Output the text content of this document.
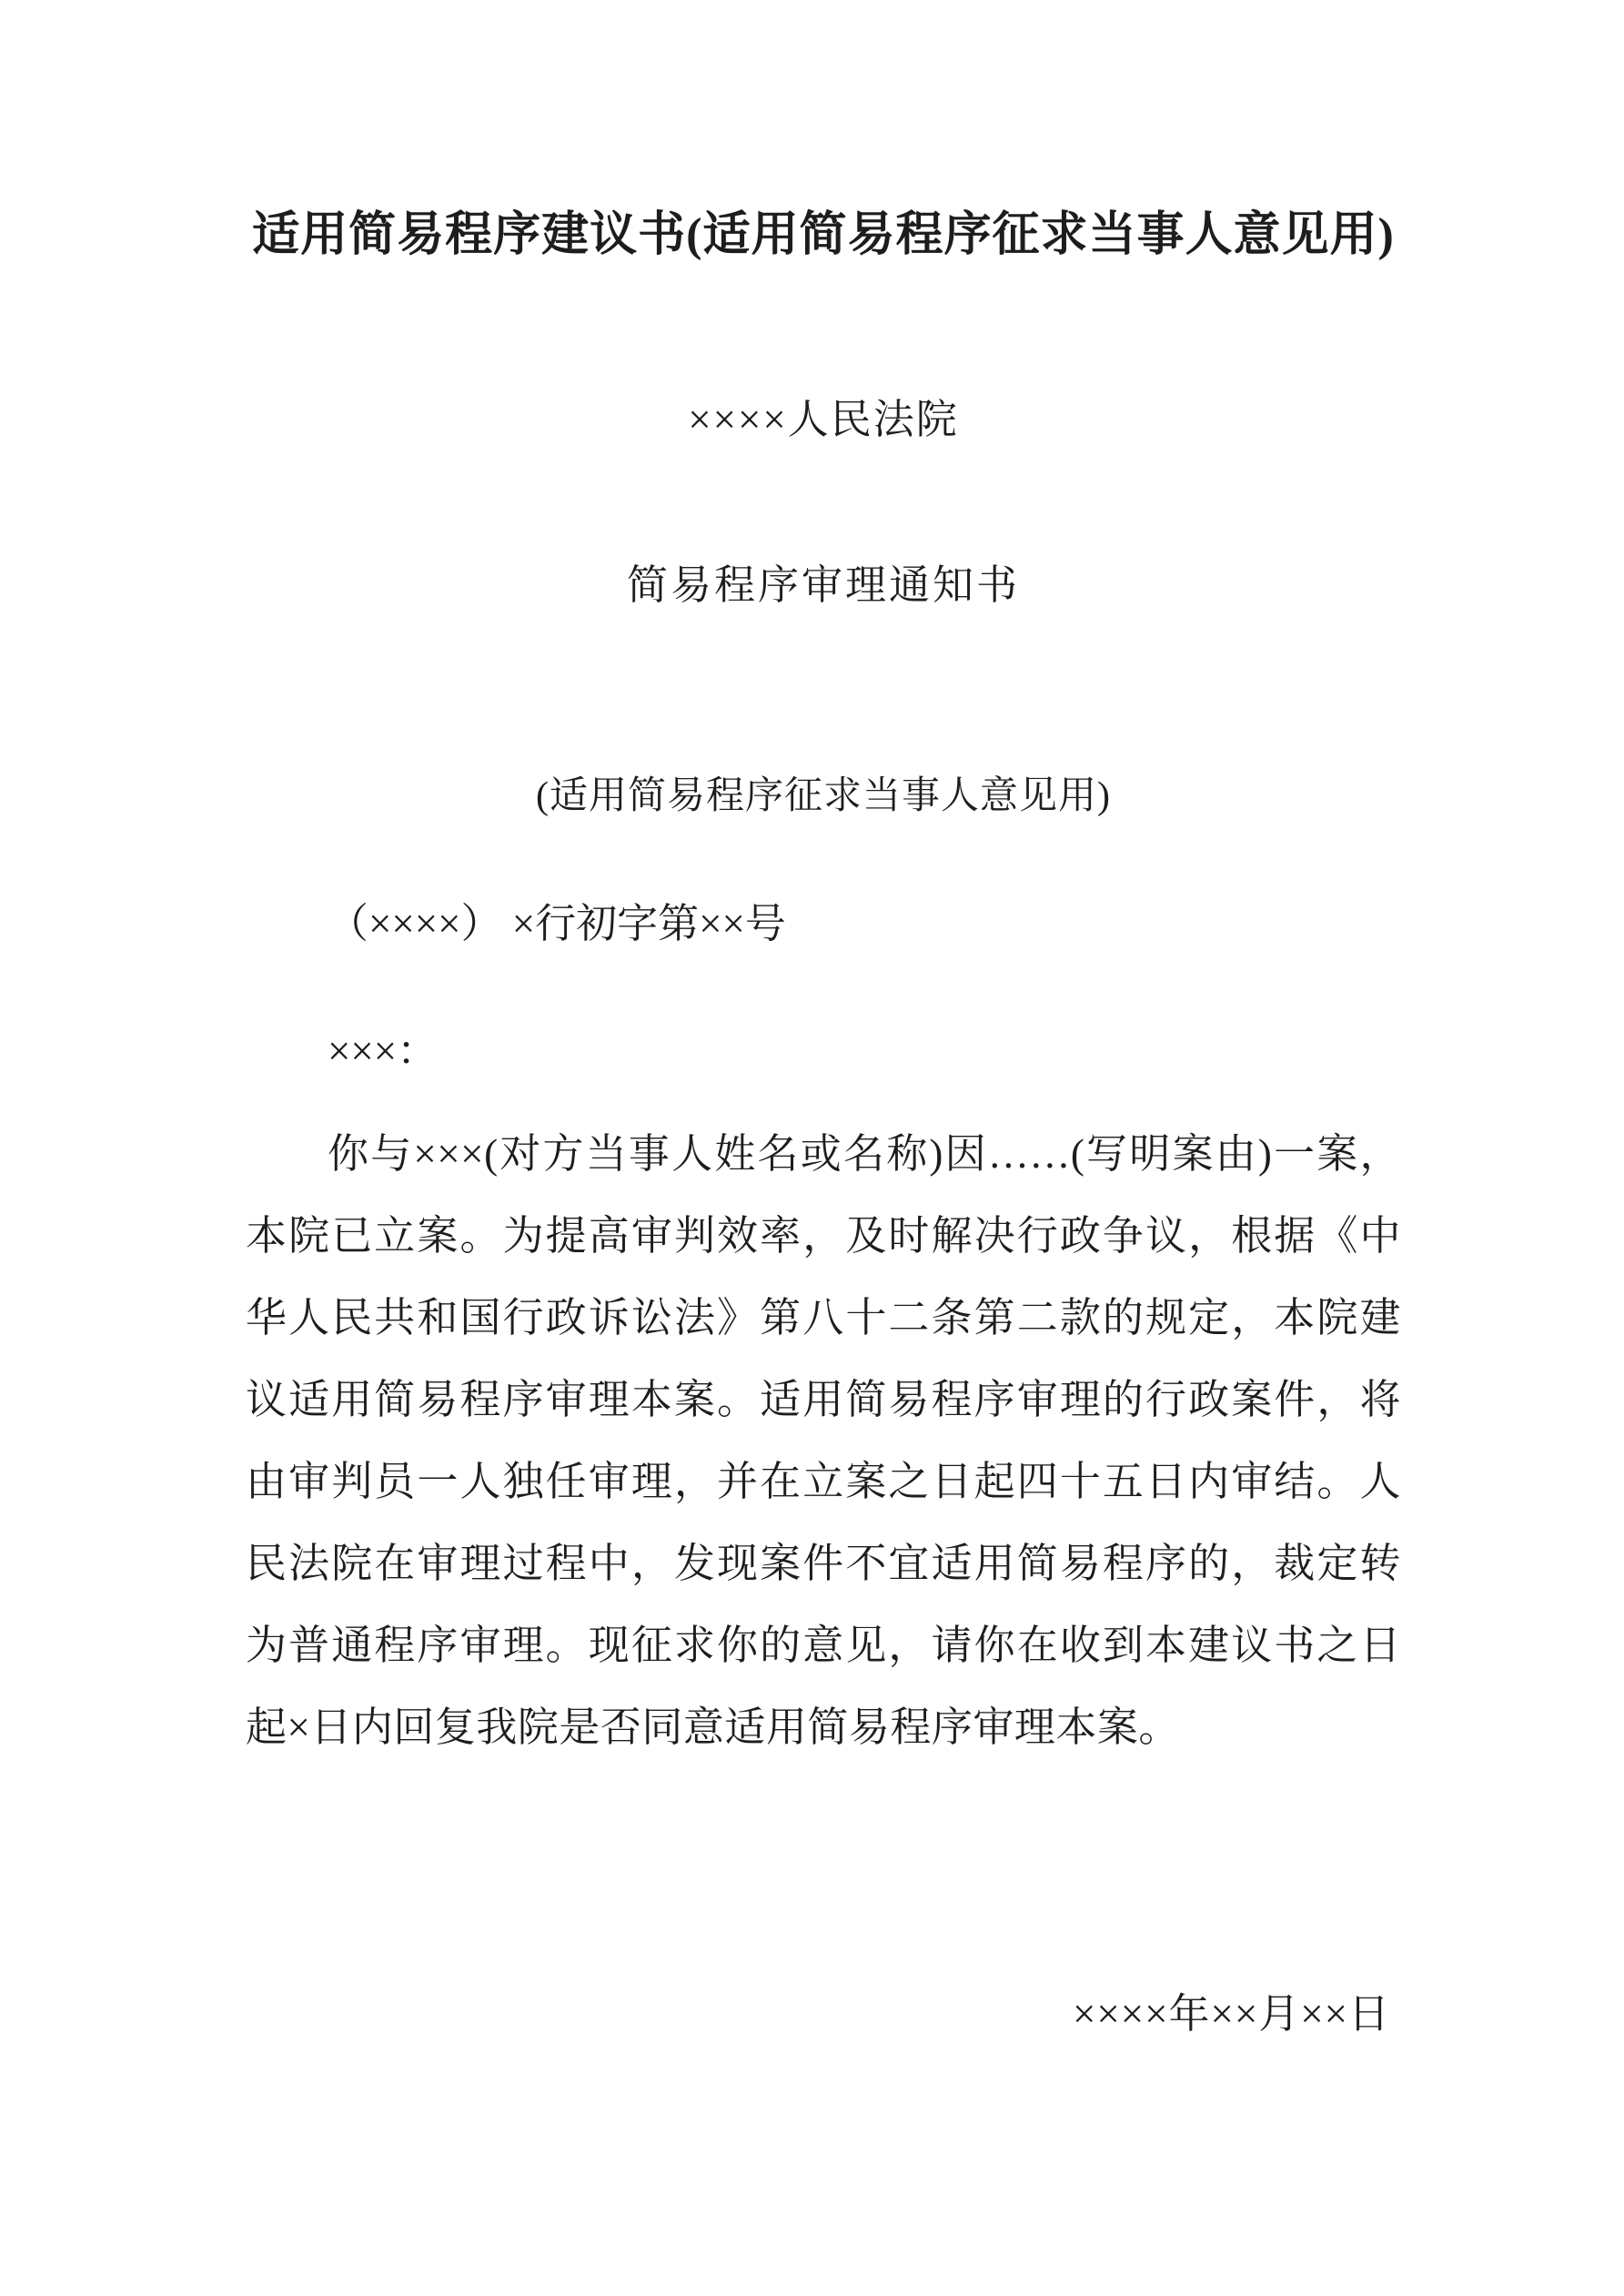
适用简易程序建议书(适用简易程序征求当事人意见用)
××××人民法院
简易程序审理通知书
(适用简易程序征求当事人意见用)
（××××） ×行初字第××号
×××：

你与×××(对方当事人姓名或名称)因……(写明案由)一案，本院已立案。为提高审判效率，及时解决行政争议，根据《中华人民共和国行政诉讼法》第八十二条第二款的规定，本院建议适用简易程序审理本案。适用简易程序审理的行政案件，将由审判员一人独任审理，并在立案之日起四十五日内审结。人民法院在审理过程中，发现案件不宜适用简易程序的，裁定转为普通程序审理。现征求你的意见，请你在收到本建议书之日起×日内回复我院是否同意适用简易程序审理本案。

××××年××月××日
